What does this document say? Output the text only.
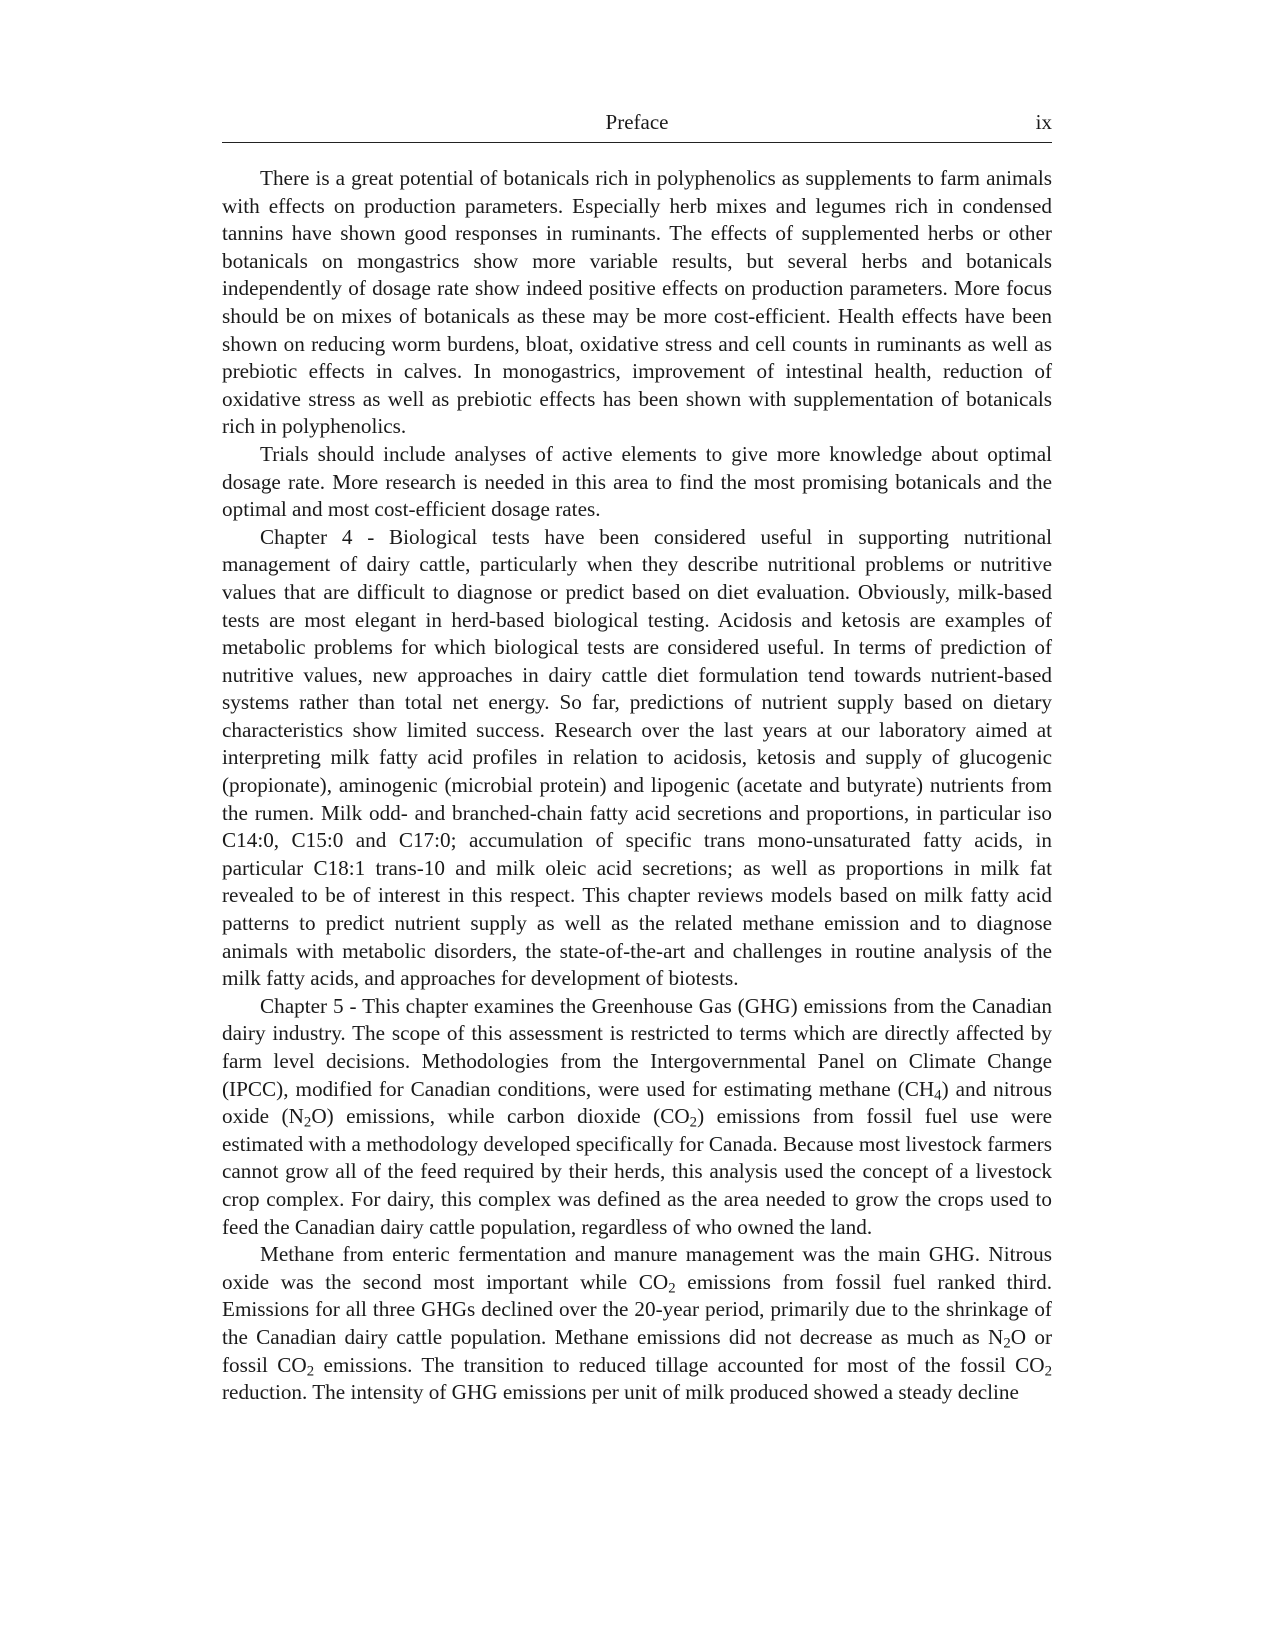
Preface	ix

There is a great potential of botanicals rich in polyphenolics as supplements to farm animals with effects on production parameters. Especially herb mixes and legumes rich in condensed tannins have shown good responses in ruminants. The effects of supplemented herbs or other botanicals on mongastrics show more variable results, but several herbs and botanicals independently of dosage rate show indeed positive effects on production parameters. More focus should be on mixes of botanicals as these may be more cost-efficient. Health effects have been shown on reducing worm burdens, bloat, oxidative stress and cell counts in ruminants as well as prebiotic effects in calves. In monogastrics, improvement of intestinal health, reduction of oxidative stress as well as prebiotic effects has been shown with supplementation of botanicals rich in polyphenolics.

Trials should include analyses of active elements to give more knowledge about optimal dosage rate. More research is needed in this area to find the most promising botanicals and the optimal and most cost-efficient dosage rates.

Chapter 4 - Biological tests have been considered useful in supporting nutritional management of dairy cattle, particularly when they describe nutritional problems or nutritive values that are difficult to diagnose or predict based on diet evaluation. Obviously, milk-based tests are most elegant in herd-based biological testing. Acidosis and ketosis are examples of metabolic problems for which biological tests are considered useful. In terms of prediction of nutritive values, new approaches in dairy cattle diet formulation tend towards nutrient-based systems rather than total net energy. So far, predictions of nutrient supply based on dietary characteristics show limited success. Research over the last years at our laboratory aimed at interpreting milk fatty acid profiles in relation to acidosis, ketosis and supply of glucogenic (propionate), aminogenic (microbial protein) and lipogenic (acetate and butyrate) nutrients from the rumen. Milk odd- and branched-chain fatty acid secretions and proportions, in particular iso C14:0, C15:0 and C17:0; accumulation of specific trans mono-unsaturated fatty acids, in particular C18:1 trans-10 and milk oleic acid secretions; as well as proportions in milk fat revealed to be of interest in this respect. This chapter reviews models based on milk fatty acid patterns to predict nutrient supply as well as the related methane emission and to diagnose animals with metabolic disorders, the state-of-the-art and challenges in routine analysis of the milk fatty acids, and approaches for development of biotests.

Chapter 5 - This chapter examines the Greenhouse Gas (GHG) emissions from the Canadian dairy industry. The scope of this assessment is restricted to terms which are directly affected by farm level decisions. Methodologies from the Intergovernmental Panel on Climate Change (IPCC), modified for Canadian conditions, were used for estimating methane $(CH_4)$ and nitrous oxide $(N_2O)$ emissions, while carbon dioxide $(CO_2)$ emissions from fossil fuel use were estimated with a methodology developed specifically for Canada. Because most livestock farmers cannot grow all of the feed required by their herds, this analysis used the concept of a livestock crop complex. For dairy, this complex was defined as the area needed to grow the crops used to feed the Canadian dairy cattle population, regardless of who owned the land.

Methane from enteric fermentation and manure management was the main GHG. Nitrous oxide was the second most important while $CO_2$ emissions from fossil fuel ranked third. Emissions for all three GHGs declined over the 20-year period, primarily due to the shrinkage of the Canadian dairy cattle population. Methane emissions did not decrease as much as $N_2O$ or fossil $CO_2$ emissions. The transition to reduced tillage accounted for most of the fossil $CO_2$ reduction. The intensity of GHG emissions per unit of milk produced showed a steady decline
